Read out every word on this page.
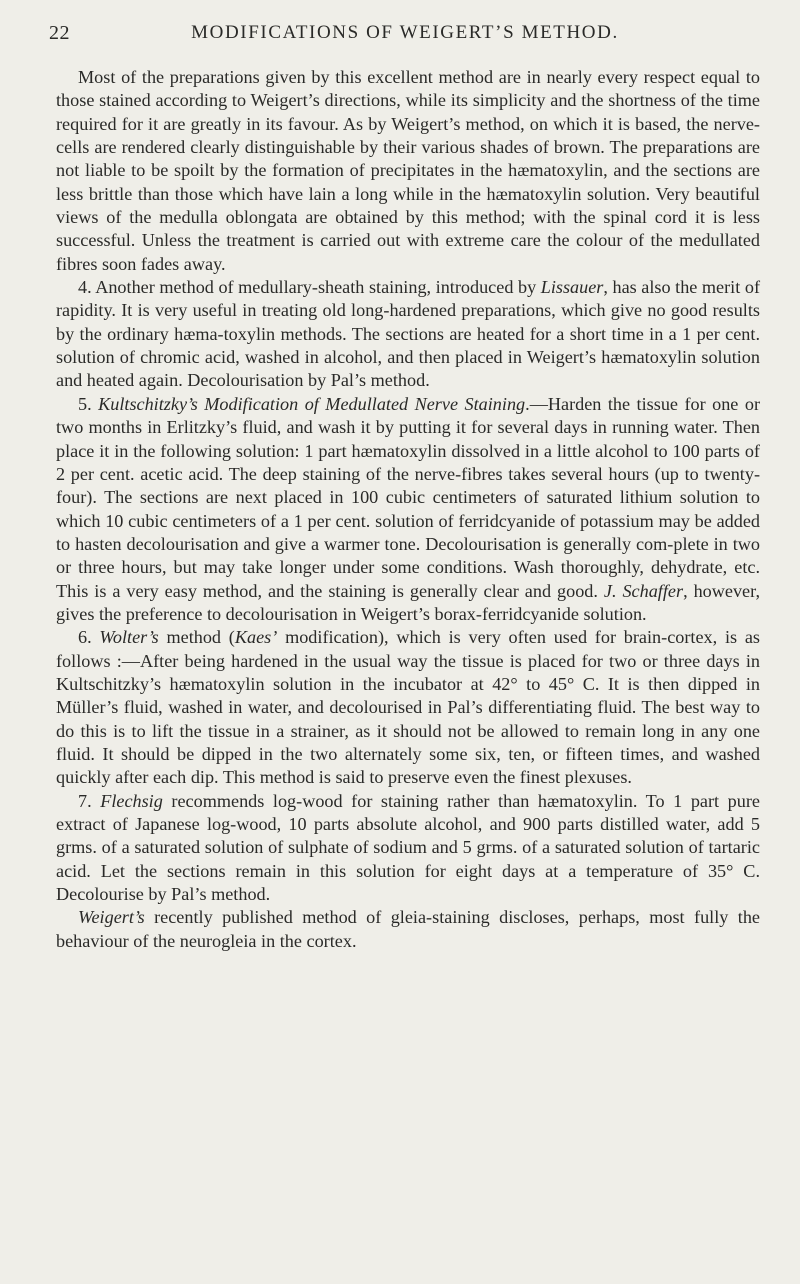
22	MODIFICATIONS OF WEIGERT’S METHOD.

Most of the preparations given by this excellent method are in nearly every respect equal to those stained according to Weigert’s directions, while its simplicity and the shortness of the time required for it are greatly in its favour. As by Weigert’s method, on which it is based, the nerve-cells are rendered clearly distinguishable by their various shades of brown. The preparations are not liable to be spoilt by the formation of precipitates in the hæmatoxylin, and the sections are less brittle than those which have lain a long while in the hæmatoxylin solution. Very beautiful views of the medulla oblongata are obtained by this method; with the spinal cord it is less successful. Unless the treatment is carried out with extreme care the colour of the medullated fibres soon fades away.

4. Another method of medullary-sheath staining, introduced by Lissauer, has also the merit of rapidity. It is very useful in treating old long-hardened preparations, which give no good results by the ordinary hæma-toxylin methods. The sections are heated for a short time in a 1 per cent. solution of chromic acid, washed in alcohol, and then placed in Weigert’s hæmatoxylin solution and heated again. Decolourisation by Pal’s method.

5. Kultschitzky’s Modification of Medullated Nerve Staining.—Harden the tissue for one or two months in Erlitzky’s fluid, and wash it by putting it for several days in running water. Then place it in the following solution: 1 part hæmatoxylin dissolved in a little alcohol to 100 parts of 2 per cent. acetic acid. The deep staining of the nerve-fibres takes several hours (up to twenty-four). The sections are next placed in 100 cubic centimeters of saturated lithium solution to which 10 cubic centimeters of a 1 per cent. solution of ferridcyanide of potassium may be added to hasten decolourisation and give a warmer tone. Decolourisation is generally com-plete in two or three hours, but may take longer under some conditions. Wash thoroughly, dehydrate, etc. This is a very easy method, and the staining is generally clear and good. J. Schaffer, however, gives the preference to decolourisation in Weigert’s borax-ferridcyanide solution.

6. Wolter’s method (Kaes’ modification), which is very often used for brain-cortex, is as follows :—After being hardened in the usual way the tissue is placed for two or three days in Kultschitzky’s hæmatoxylin solution in the incubator at 42° to 45° C. It is then dipped in Müller’s fluid, washed in water, and decolourised in Pal’s differentiating fluid. The best way to do this is to lift the tissue in a strainer, as it should not be allowed to remain long in any one fluid. It should be dipped in the two alternately some six, ten, or fifteen times, and washed quickly after each dip. This method is said to preserve even the finest plexuses.

7. Flechsig recommends log-wood for staining rather than hæmatoxylin. To 1 part pure extract of Japanese log-wood, 10 parts absolute alcohol, and 900 parts distilled water, add 5 grms. of a saturated solution of sulphate of sodium and 5 grms. of a saturated solution of tartaric acid. Let the sections remain in this solution for eight days at a temperature of 35° C. Decolourise by Pal’s method.

Weigert’s recently published method of gleia-staining discloses, perhaps, most fully the behaviour of the neurogleia in the cortex.
